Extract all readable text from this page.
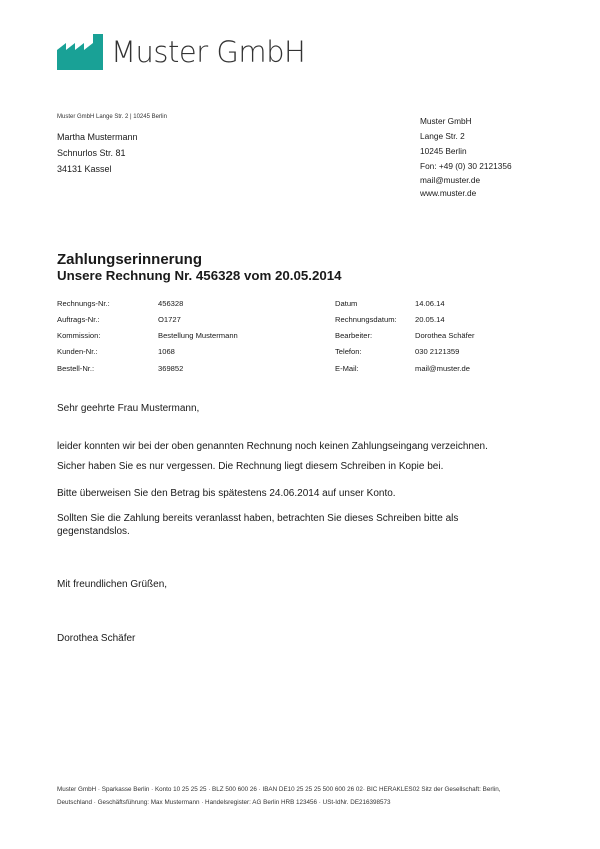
Muster GmbH
Muster GmbH Lange Str. 2 | 10245 Berlin
Martha Mustermann
Schnurlos Str. 81
34131 Kassel
Muster GmbH
Lange Str. 2
10245 Berlin
Fon: +49 (0) 30 2121356
mail@muster.de
www.muster.de
Zahlungserinnerung
Unsere Rechnung Nr. 456328 vom 20.05.2014
Rechnungs-Nr.:	456328	Datum	14.06.14
Auftrags-Nr.:	O1727	Rechnungsdatum: 20.05.14
Kommission:	Bestellung Mustermann	Bearbeiter:	Dorothea Schäfer
Kunden-Nr.:	1068	Telefon:	030 2121359
Bestell-Nr.:	369852	E-Mail:	mail@muster.de
Sehr geehrte Frau Mustermann,
leider konnten wir bei der oben genannten Rechnung noch keinen Zahlungseingang verzeichnen.
Sicher haben Sie es nur vergessen. Die Rechnung liegt diesem Schreiben in Kopie bei.
Bitte überweisen Sie den Betrag bis spätestens 24.06.2014 auf unser Konto.
Sollten Sie die Zahlung bereits veranlasst haben, betrachten Sie dieses Schreiben bitte als gegenstandslos.
Mit freundlichen Grüßen,
Dorothea Schäfer
Muster GmbH · Sparkasse Berlin · Konto 10 25 25 25 · BLZ 500 600 26 · IBAN DE10 25 25 25 500 600 26 02· BIC HERAKLES02 Sitz der Gesellschaft: Berlin,
Deutschland · Geschäftsführung: Max Mustermann · Handelsregister: AG Berlin HRB 123456 · USt-IdNr. DE216398573
